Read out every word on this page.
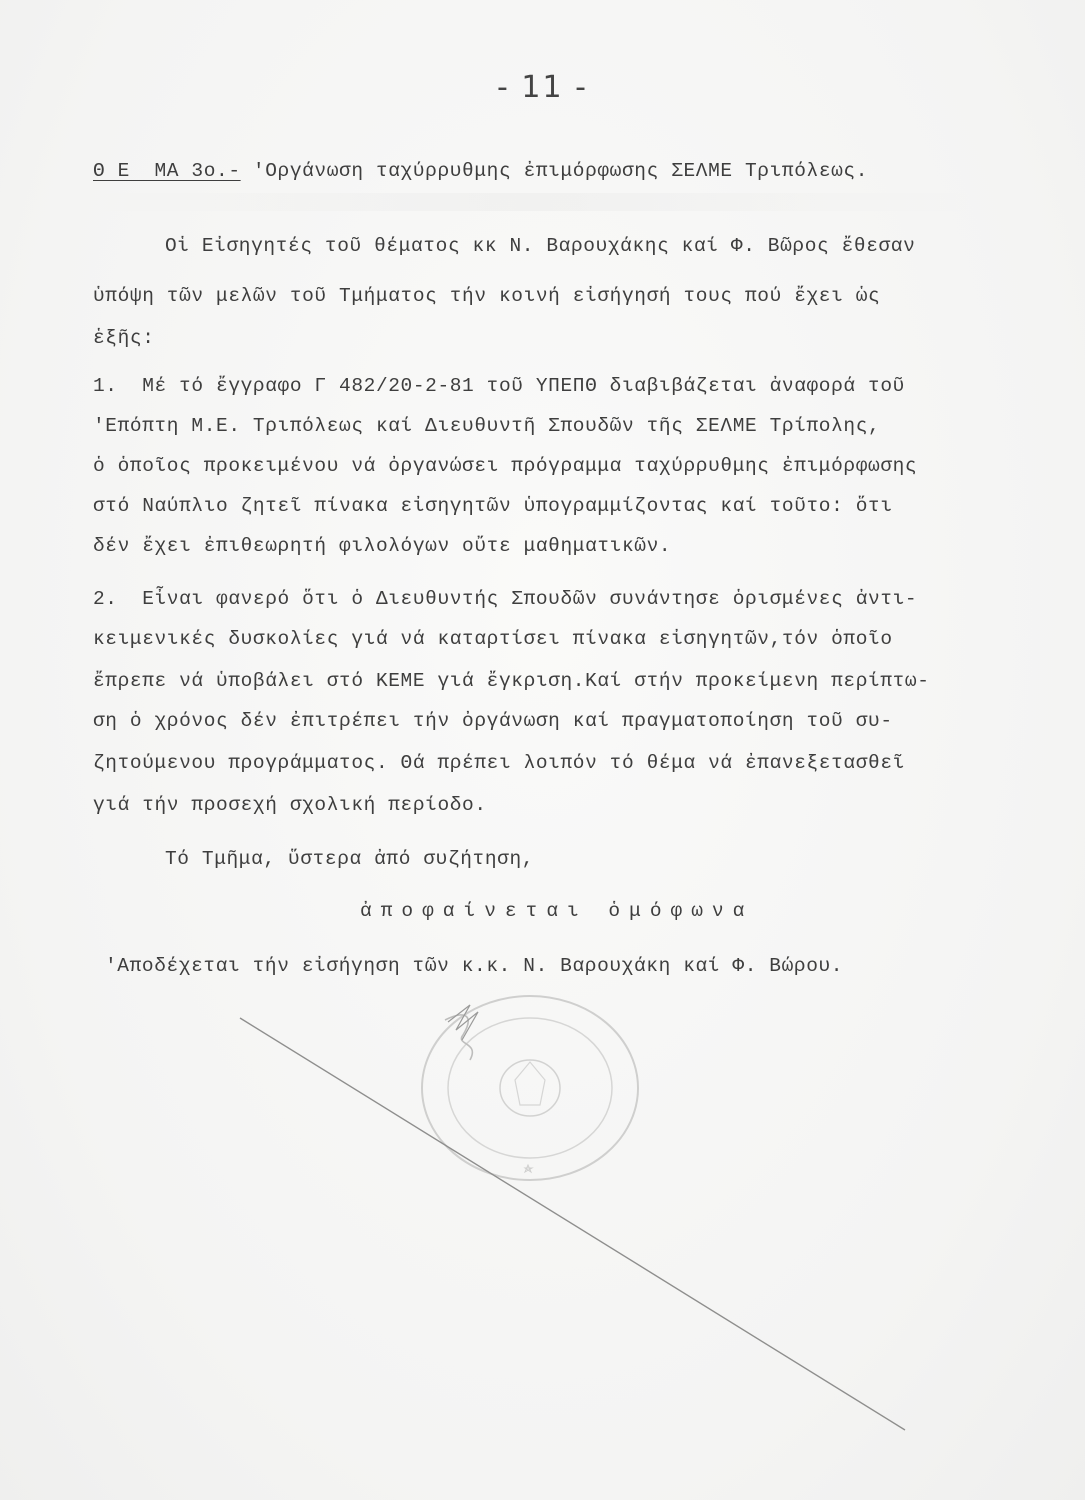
- 11 -
Θ Ε  ΜΑ 3ο.- 'Οργάνωση ταχύρρυθμης ἐπιμόρφωσης ΣΕΛΜΕ Τριπόλεως.
Οἱ Εἰσηγητές τοῦ θέματος κκ Ν. Βαρουχάκης καί Φ. Βῶρος ἔθεσαν
ὑπόψη τῶν μελῶν τοῦ Τμήματος τήν κοινή εἰσήγησή τους πού ἔχει ὡς
ἑξῆς:
1.  Μέ τό ἔγγραφο Γ 482/20-2-81 τοῦ ΥΠΕΠΘ διαβιβάζεται ἀναφορά τοῦ
'Επόπτη Μ.Ε. Τριπόλεως καί Διευθυντῆ Σπουδῶν τῆς ΣΕΛΜΕ Τρίπολης,
ὁ ὁποῖος προκειμένου νά ὀργανώσει πρόγραμμα ταχύρρυθμης ἐπιμόρφωσης
στό Ναύπλιο ζητεῖ πίνακα εἰσηγητῶν ὑπογραμμίζοντας καί τοῦτο: ὅτι
δέν ἔχει ἐπιθεωρητή φιλολόγων οὔτε μαθηματικῶν.
2.  Εἶναι φανερό ὅτι ὁ Διευθυντής Σπουδῶν συνάντησε ὁρισμένες ἀντι-
κειμενικές δυσκολίες γιά νά καταρτίσει πίνακα εἰσηγητῶν,τόν ὁποῖο
ἔπρεπε νά ὑποβάλει στό ΚΕΜΕ γιά ἔγκριση.Καί στήν προκείμενη περίπτω-
ση ὁ χρόνος δέν ἐπιτρέπει τήν ὀργάνωση καί πραγματοποίηση τοῦ συ-
ζητούμενου προγράμματος. Θά πρέπει λοιπόν τό θέμα νά ἐπανεξετασθεῖ
γιά τήν προσεχή σχολική περίοδο.
Τό Τμῆμα, ὕστερα ἀπό συζήτηση,
ἀποφαίνεται ὁμόφωνα
'Αποδέχεται τήν εἰσήγηση τῶν κ.κ. Ν. Βαρουχάκη καί Φ. Βώρου.
